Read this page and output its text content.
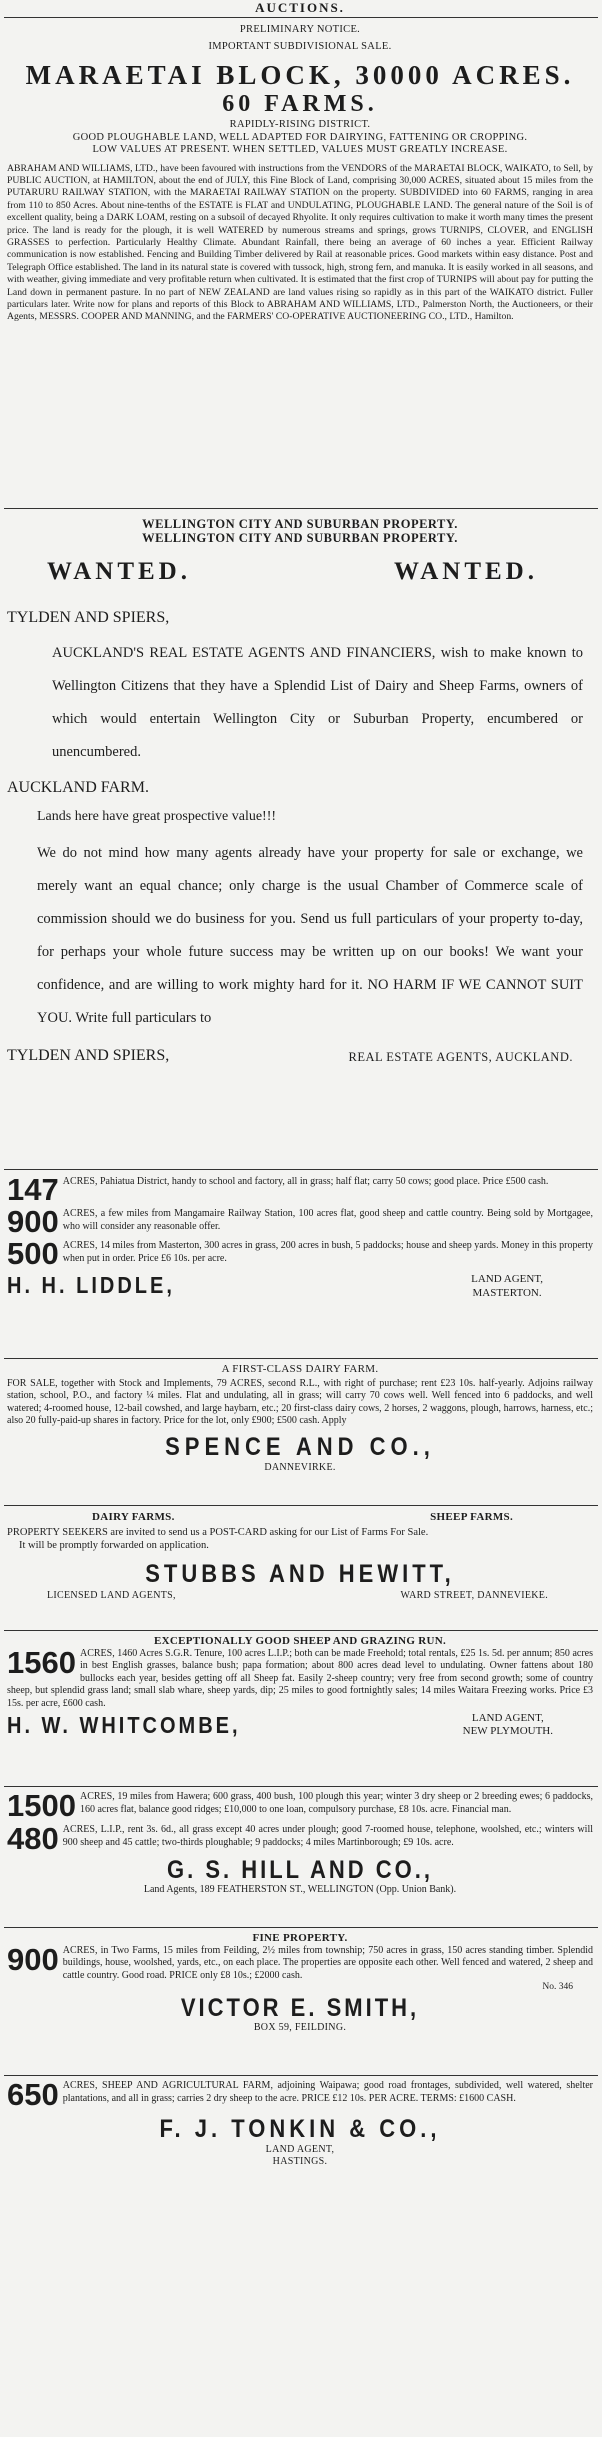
AUCTIONS.
PRELIMINARY NOTICE.
IMPORTANT SUBDIVISIONAL SALE.
MARAETAI BLOCK, 30000 ACRES.
60 FARMS.
RAPIDLY-RISING DISTRICT.
GOOD PLOUGHABLE LAND, WELL ADAPTED FOR DAIRYING, FATTENING OR CROPPING.
LOW VALUES AT PRESENT. WHEN SETTLED, VALUES MUST GREATLY INCREASE.
ABRAHAM AND WILLIAMS, LTD., have been favoured with instructions from the VENDORS of the MARAETAI BLOCK, WAIKATO, to Sell, by PUBLIC AUCTION, at HAMILTON, about the end of JULY, this Fine Block of Land, comprising 30,000 ACRES, situated about 15 miles from the PUTARURU RAILWAY STATION, with the MARAETAI RAILWAY STATION on the property. SUBDIVIDED into 60 FARMS, ranging in area from 110 to 850 Acres. About nine-tenths of the ESTATE is FLAT and UNDULATING, PLOUGHABLE LAND. The general nature of the Soil is of excellent quality, being a DARK LOAM, resting on a subsoil of decayed Rhyolite. It only requires cultivation to make it worth many times the present price. The land is ready for the plough, it is well WATERED by numerous streams and springs, grows TURNIPS, CLOVER, and ENGLISH GRASSES to perfection. Particularly Healthy Climate. Abundant Rainfall, there being an average of 60 inches a year. Efficient Railway communication is now established. Fencing and Building Timber delivered by Rail at reasonable prices. Good markets within easy distance. Post and Telegraph Office established. The land in its natural state is covered with tussock, high, strong fern, and manuka. It is easily worked in all seasons, and with weather, giving immediate and very profitable return when cultivated. It is estimated that the first crop of TURNIPS will about pay for putting the Land down in permanent pasture. In no part of NEW ZEALAND are land values rising so rapidly as in this part of the WAIKATO district. Fuller particulars later. Write now for plans and reports of this Block to ABRAHAM AND WILLIAMS, LTD., Palmerston North, the Auctioneers, or their Agents, MESSRS. COOPER AND MANNING, and the FARMERS' CO-OPERATIVE AUCTIONEERING CO., LTD., Hamilton.
WELLINGTON CITY AND SUBURBAN PROPERTY.
WELLINGTON CITY AND SUBURBAN PROPERTY.
WANTED.	WANTED.
TYLDEN AND SPIERS,
AUCKLAND'S REAL ESTATE AGENTS AND FINANCIERS, wish to make known to Wellington Citizens that they have a Splendid List of Dairy and Sheep Farms, owners of which would entertain Wellington City or Suburban Property, encumbered or unencumbered.
AUCKLAND FARM.
Lands here have great prospective value!!!
We do not mind how many agents already have your property for sale or exchange, we merely want an equal chance; only charge is the usual Chamber of Commerce scale of commission should we do business for you. Send us full particulars of your property to-day, for perhaps your whole future success may be written up on our books! We want your confidence, and are willing to work mighty hard for it. NO HARM IF WE CANNOT SUIT YOU. Write full particulars to
TYLDEN AND SPIERS,	REAL ESTATE AGENTS, AUCKLAND.
147 ACRES, Pahiatua District, handy to school and factory, all in grass; half flat; carry 50 cows; good place. Price £500 cash.
900 ACRES, a few miles from Mangamaire Railway Station, 100 acres flat, good sheep and cattle country. Being sold by Mortgagee, who will consider any reasonable offer.
500 ACRES, 14 miles from Masterton, 300 acres in grass, 200 acres in bush, 5 paddocks; house and sheep yards. Money in this property when put in order. Price £6 10s. per acre.
H. H. LIDDLE,	LAND AGENT,
MASTERTON.
A FIRST-CLASS DAIRY FARM.
FOR SALE, together with Stock and Implements, 79 ACRES, second R.L., with right of purchase; rent £23 10s. half-yearly. Adjoins railway station, school, P.O., and factory ¼ miles. Flat and undulating, all in grass; will carry 70 cows well. Well fenced into 6 paddocks, and well watered; 4-roomed house, 12-bail cowshed, and large haybarn, etc.; 20 first-class dairy cows, 2 horses, 2 waggons, plough, harrows, harness, etc.; also 20 fully-paid-up shares in factory. Price for the lot, only £900; £500 cash. Apply
SPENCE AND CO.,
DANNEVIRKE.
DAIRY FARMS.	SHEEP FARMS.
PROPERTY SEEKERS are invited to send us a POST-CARD asking for our List of Farms For Sale.
It will be promptly forwarded on application.
STUBBS AND HEWITT,
LICENSED LAND AGENTS,	WARD STREET, DANNEVIEKE.
EXCEPTIONALLY GOOD SHEEP AND GRAZING RUN.
1560 ACRES, 1460 Acres S.G.R. Tenure, 100 acres L.I.P.; both can be made Freehold; total rentals, £25 1s. 5d. per annum; 850 acres in best English grasses, balance bush; papa formation; about 800 acres dead level to undulating. Owner fattens about 180 bullocks each year, besides getting off all Sheep fat. Easily 2-sheep country; very free from second growth; some of country sheep, but splendid grass land; small slab whare, sheep yards, dip; 25 miles to good fortnightly sales; 14 miles Waitara Freezing works. Price £3 15s. per acre, £600 cash.
H. W. WHITCOMBE,	LAND AGENT,
NEW PLYMOUTH.
1500 ACRES, 19 miles from Hawera; 600 grass, 400 bush, 100 plough this year; winter 3 dry sheep or 2 breeding ewes; 6 paddocks, 160 acres flat, balance good ridges; £10,000 to one loan, compulsory purchase, £8 10s. acre. Financial man.
480 ACRES, L.I.P., rent 3s. 6d., all grass except 40 acres under plough; good 7-roomed house, telephone, woolshed, etc.; winters will 900 sheep and 45 cattle; two-thirds ploughable; 9 paddocks; 4 miles Martinborough; £9 10s. acre.
G. S. HILL AND CO.,
Land Agents, 189 FEATHERSTON ST., WELLINGTON (Opp. Union Bank).
FINE PROPERTY.
900 ACRES, in Two Farms, 15 miles from Feilding, 2½ miles from township; 750 acres in grass, 150 acres standing timber. Splendid buildings, house, woolshed, yards, etc., on each place. The properties are opposite each other. Well fenced and watered, 2 sheep and cattle country. Good road. PRICE only £8 10s.; £2000 cash.
No. 346
VICTOR E. SMITH,
BOX 59, FEILDING.
650 ACRES, SHEEP AND AGRICULTURAL FARM, adjoining Waipawa; good road frontages, subdivided, well watered, shelter plantations, and all in grass; carries 2 dry sheep to the acre. PRICE £12 10s. PER ACRE. TERMS: £1600 CASH.
F. J. TONKIN & CO.,
LAND AGENT,
HASTINGS.
